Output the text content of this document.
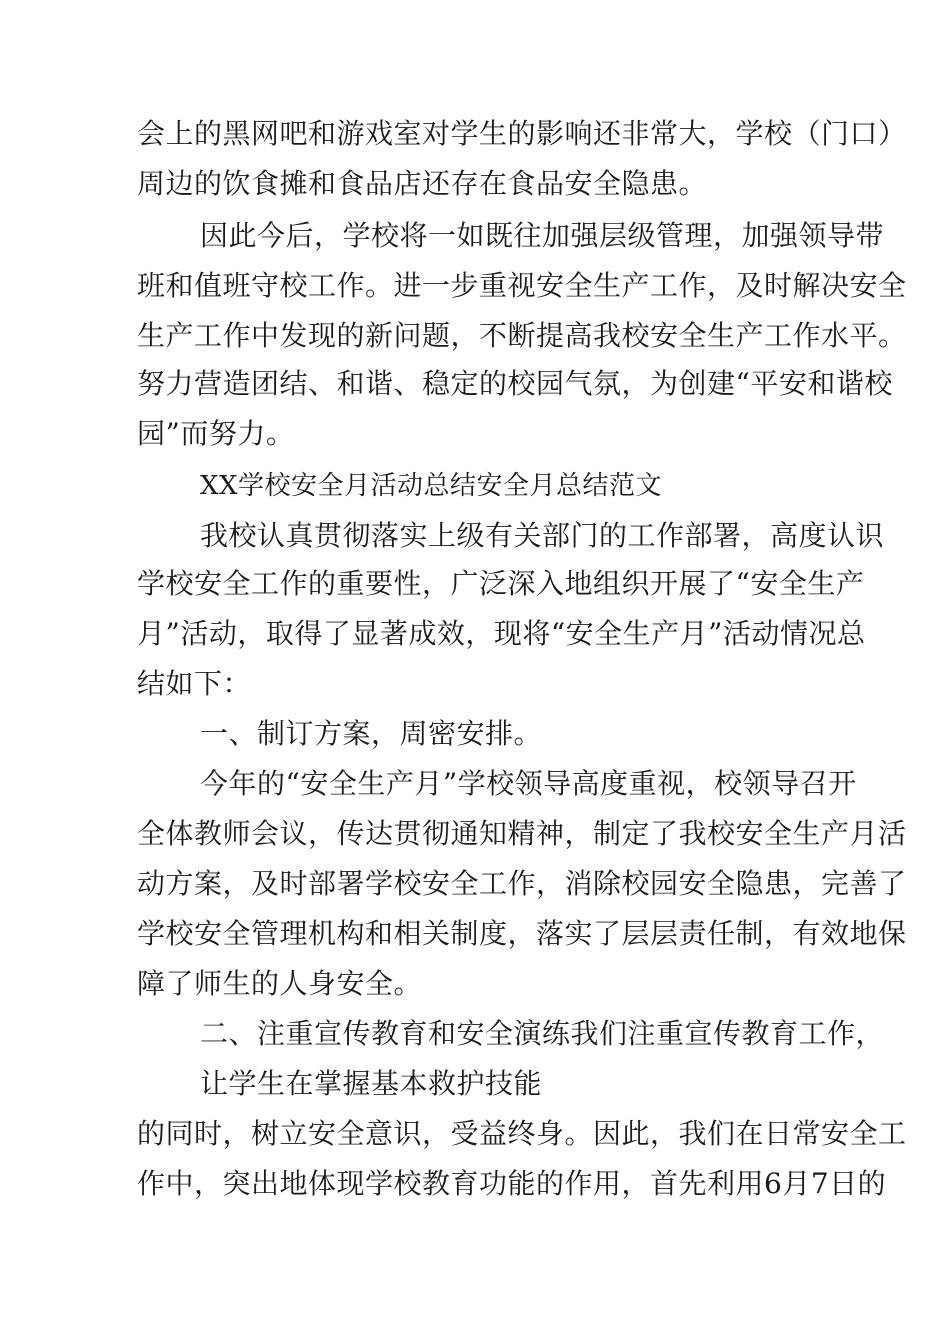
会上的黑网吧和游戏室对学生的影响还非常大，学校（门口）
周边的饮食摊和食品店还存在食品安全隐患。
因此今后，学校将一如既往加强层级管理，加强领导带
班和值班守校工作。进一步重视安全生产工作，及时解决安全
生产工作中发现的新问题，不断提高我校安全生产工作水平。
努力营造团结、和谐、稳定的校园气氛，为创建“平安和谐校
园”而努力。
XX学校安全月活动总结安全月总结范文
我校认真贯彻落实上级有关部门的工作部署，高度认识
学校安全工作的重要性，广泛深入地组织开展了“安全生产
月”活动，取得了显著成效，现将“安全生产月”活动情况总
结如下：
一、制订方案，周密安排。
今年的“安全生产月”学校领导高度重视，校领导召开
全体教师会议，传达贯彻通知精神，制定了我校安全生产月活
动方案，及时部署学校安全工作，消除校园安全隐患，完善了
学校安全管理机构和相关制度，落实了层层责任制，有效地保
障了师生的人身安全。
二、注重宣传教育和安全演练我们注重宣传教育工作，
让学生在掌握基本救护技能
的同时，树立安全意识，受益终身。因此，我们在日常安全工
作中，突出地体现学校教育功能的作用，首先利用6月7日的
